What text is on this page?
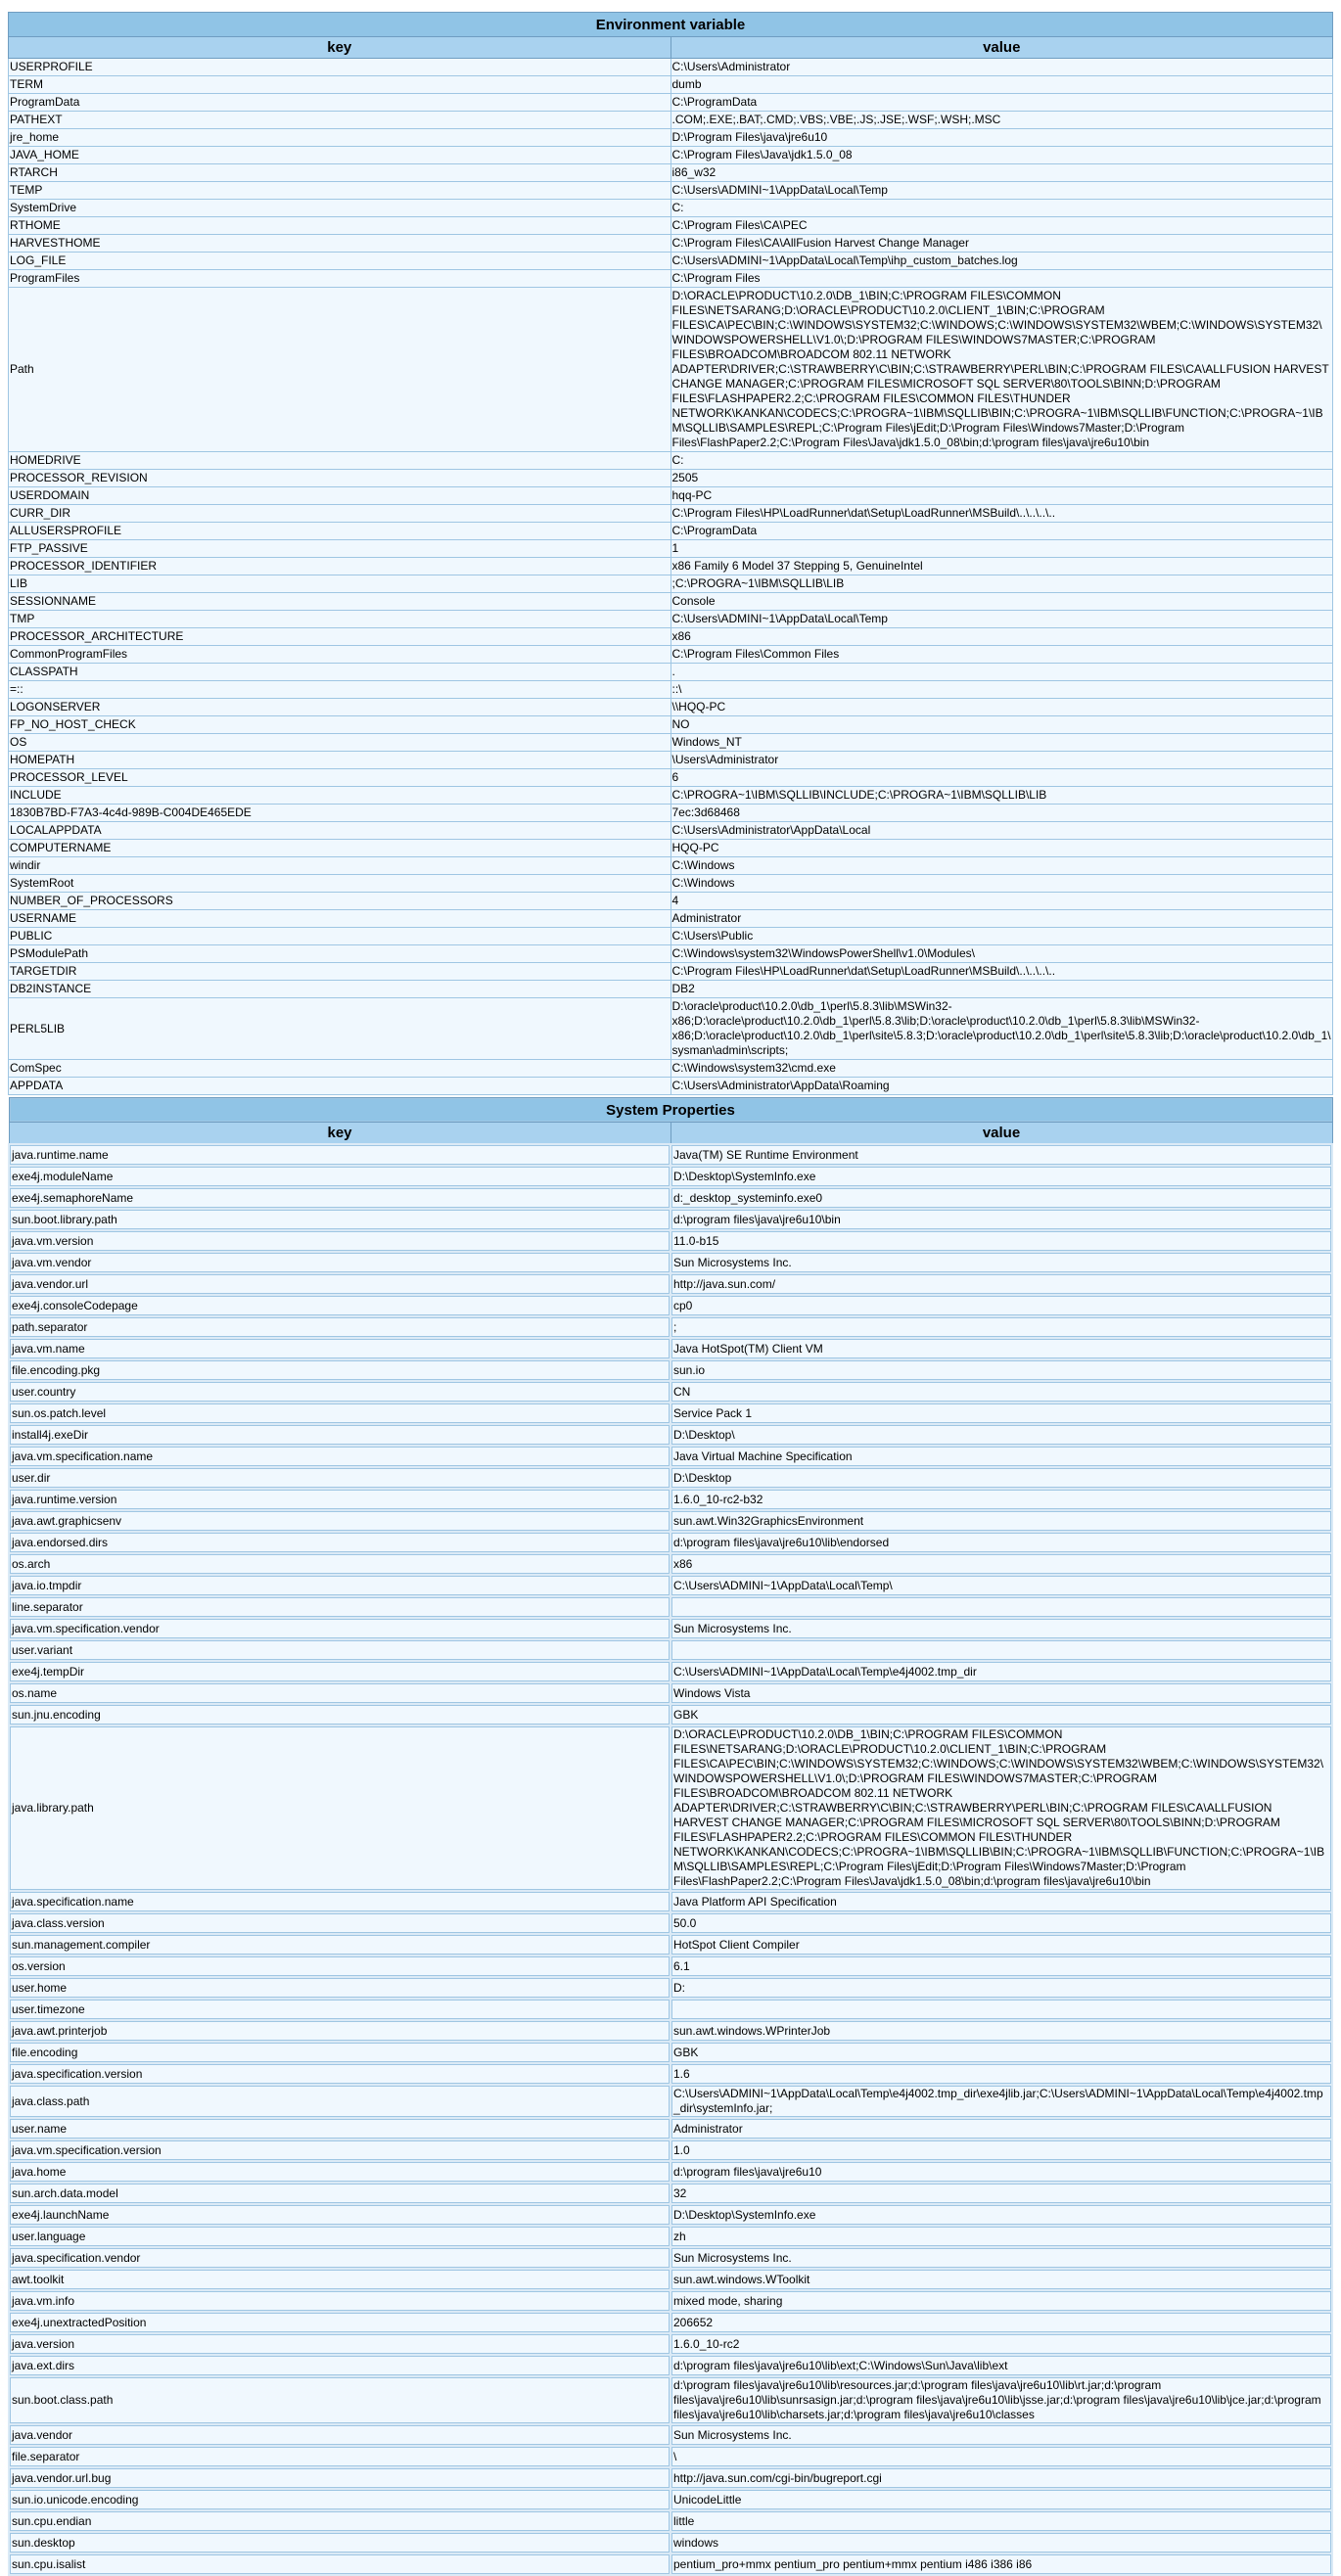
Environment variable	
key	value
USERPROFILE	C:\Users\Administrator
TERM	dumb
ProgramData	C:\ProgramData
PATHEXT	.COM;.EXE;.BAT;.CMD;.VBS;.VBE;.JS;.JSE;.WSF;.WSH;.MSC
jre_home	D:\Program Files\java\jre6u10
JAVA_HOME	C:\Program Files\Java\jdk1.5.0_08
RTARCH	i86_w32
TEMP	C:\Users\ADMINI~1\AppData\Local\Temp
SystemDrive	C:
RTHOME	C:\Program Files\CA\PEC
HARVESTHOME	C:\Program Files\CA\AllFusion Harvest Change Manager
LOG_FILE	C:\Users\ADMINI~1\AppData\Local\Temp\ihp_custom_batches.log
ProgramFiles	C:\Program Files
Path	D:\ORACLE\PRODUCT\10.2.0\DB_1\BIN;C:\PROGRAM FILES\COMMON FILES\NETSARANG;D:\ORACLE\PRODUCT\10.2.0\CLIENT_1\BIN;C:\PROGRAM FILES\CA\PEC\BIN;C:\WINDOWS\SYSTEM32;C:\WINDOWS;C:\WINDOWS\SYSTEM32\WBEM;C:\WINDOWS\SYSTEM32\WINDOWSPOWERSHELL\V1.0\;D:\PROGRAM FILES\WINDOWS7MASTER;C:\PROGRAM FILES\BROADCOM\BROADCOM 802.11 NETWORK ADAPTER\DRIVER;C:\STRAWBERRY\C\BIN;C:\STRAWBERRY\PERL\BIN;C:\PROGRAM FILES\CA\ALLFUSION HARVEST CHANGE MANAGER;C:\PROGRAM FILES\MICROSOFT SQL SERVER\80\TOOLS\BINN;D:\PROGRAM FILES\FLASHPAPER2.2;C:\PROGRAM FILES\COMMON FILES\THUNDER NETWORK\KANKAN\CODECS;C:\PROGRA~1\IBM\SQLLIB\BIN;C:\PROGRA~1\IBM\SQLLIB\FUNCTION;C:\PROGRA~1\IBM\SQLLIB\SAMPLES\REPL;C:\Program Files\jEdit;D:\Program Files\Windows7Master;D:\Program Files\FlashPaper2.2;C:\Program Files\Java\jdk1.5.0_08\bin;d:\program files\java\jre6u10\bin
HOMEDRIVE	C:
PROCESSOR_REVISION	2505
USERDOMAIN	hqq-PC
CURR_DIR	C:\Program Files\HP\LoadRunner\dat\Setup\LoadRunner\MSBuild\..\..\..\..
ALLUSERSPROFILE	C:\ProgramData
FTP_PASSIVE	1
PROCESSOR_IDENTIFIER	x86 Family 6 Model 37 Stepping 5, GenuineIntel
LIB	;C:\PROGRA~1\IBM\SQLLIB\LIB
SESSIONNAME	Console
TMP	C:\Users\ADMINI~1\AppData\Local\Temp
PROCESSOR_ARCHITECTURE	x86
CommonProgramFiles	C:\Program Files\Common Files
CLASSPATH	.
=::	::\
LOGONSERVER	\\HQQ-PC
FP_NO_HOST_CHECK	NO
OS	Windows_NT
HOMEPATH	\Users\Administrator
PROCESSOR_LEVEL	6
INCLUDE	C:\PROGRA~1\IBM\SQLLIB\INCLUDE;C:\PROGRA~1\IBM\SQLLIB\LIB
1830B7BD-F7A3-4c4d-989B-C004DE465EDE	7ec:3d68468
LOCALAPPDATA	C:\Users\Administrator\AppData\Local
COMPUTERNAME	HQQ-PC
windir	C:\Windows
SystemRoot	C:\Windows
NUMBER_OF_PROCESSORS	4
USERNAME	Administrator
PUBLIC	C:\Users\Public
PSModulePath	C:\Windows\system32\WindowsPowerShell\v1.0\Modules\
TARGETDIR	C:\Program Files\HP\LoadRunner\dat\Setup\LoadRunner\MSBuild\..\..\..\..
DB2INSTANCE	DB2
PERL5LIB	D:\oracle\product\10.2.0\db_1\perl\5.8.3\lib\MSWin32-x86;D:\oracle\product\10.2.0\db_1\perl\5.8.3\lib;D:\oracle\product\10.2.0\db_1\perl\5.8.3\lib\MSWin32-x86;D:\oracle\product\10.2.0\db_1\perl\site\5.8.3;D:\oracle\product\10.2.0\db_1\perl\site\5.8.3\lib;D:\oracle\product\10.2.0\db_1\sysman\admin\scripts;
ComSpec	C:\Windows\system32\cmd.exe
APPDATA	C:\Users\Administrator\AppData\Roaming
System Properties	
key	value
java.runtime.name	Java(TM) SE Runtime Environment
exe4j.moduleName	D:\Desktop\SystemInfo.exe
exe4j.semaphoreName	d:_desktop_systeminfo.exe0
sun.boot.library.path	d:\program files\java\jre6u10\bin
java.vm.version	11.0-b15
java.vm.vendor	Sun Microsystems Inc.
java.vendor.url	http://java.sun.com/
exe4j.consoleCodepage	cp0
path.separator	;
java.vm.name	Java HotSpot(TM) Client VM
file.encoding.pkg	sun.io
user.country	CN
sun.os.patch.level	Service Pack 1
install4j.exeDir	D:\Desktop\
java.vm.specification.name	Java Virtual Machine Specification
user.dir	D:\Desktop
java.runtime.version	1.6.0_10-rc2-b32
java.awt.graphicsenv	sun.awt.Win32GraphicsEnvironment
java.endorsed.dirs	d:\program files\java\jre6u10\lib\endorsed
os.arch	x86
java.io.tmpdir	C:\Users\ADMINI~1\AppData\Local\Temp\
line.separator	
java.vm.specification.vendor	Sun Microsystems Inc.
user.variant	
exe4j.tempDir	C:\Users\ADMINI~1\AppData\Local\Temp\e4j4002.tmp_dir
os.name	Windows Vista
sun.jnu.encoding	GBK
java.library.path	D:\ORACLE\PRODUCT\10.2.0\DB_1\BIN;C:\PROGRAM FILES\COMMON FILES\NETSARANG;D:\ORACLE\PRODUCT\10.2.0\CLIENT_1\BIN;C:\PROGRAM FILES\CA\PEC\BIN;C:\WINDOWS\SYSTEM32;C:\WINDOWS;C:\WINDOWS\SYSTEM32\WBEM;C:\WINDOWS\SYSTEM32\WINDOWSPOWERSHELL\V1.0\;D:\PROGRAM FILES\WINDOWS7MASTER;C:\PROGRAM FILES\BROADCOM\BROADCOM 802.11 NETWORK ADAPTER\DRIVER;C:\STRAWBERRY\C\BIN;C:\STRAWBERRY\PERL\BIN;C:\PROGRAM FILES\CA\ALLFUSION HARVEST CHANGE MANAGER;C:\PROGRAM FILES\MICROSOFT SQL SERVER\80\TOOLS\BINN;D:\PROGRAM FILES\FLASHPAPER2.2;C:\PROGRAM FILES\COMMON FILES\THUNDER NETWORK\KANKAN\CODECS;C:\PROGRA~1\IBM\SQLLIB\BIN;C:\PROGRA~1\IBM\SQLLIB\FUNCTION;C:\PROGRA~1\IBM\SQLLIB\SAMPLES\REPL;C:\Program Files\jEdit;D:\Program Files\Windows7Master;D:\Program Files\FlashPaper2.2;C:\Program Files\Java\jdk1.5.0_08\bin;d:\program files\java\jre6u10\bin
java.specification.name	Java Platform API Specification
java.class.version	50.0
sun.management.compiler	HotSpot Client Compiler
os.version	6.1
user.home	D:
user.timezone	
java.awt.printerjob	sun.awt.windows.WPrinterJob
file.encoding	GBK
java.specification.version	1.6
java.class.path	C:\Users\ADMINI~1\AppData\Local\Temp\e4j4002.tmp_dir\exe4jlib.jar;C:\Users\ADMINI~1\AppData\Local\Temp\e4j4002.tmp_dir\systemInfo.jar;
user.name	Administrator
java.vm.specification.version	1.0
java.home	d:\program files\java\jre6u10
sun.arch.data.model	32
exe4j.launchName	D:\Desktop\SystemInfo.exe
user.language	zh
java.specification.vendor	Sun Microsystems Inc.
awt.toolkit	sun.awt.windows.WToolkit
java.vm.info	mixed mode, sharing
exe4j.unextractedPosition	206652
java.version	1.6.0_10-rc2
java.ext.dirs	d:\program files\java\jre6u10\lib\ext;C:\Windows\Sun\Java\lib\ext
sun.boot.class.path	d:\program files\java\jre6u10\lib\resources.jar;d:\program files\java\jre6u10\lib\rt.jar;d:\program files\java\jre6u10\lib\sunrsasign.jar;d:\program files\java\jre6u10\lib\jsse.jar;d:\program files\java\jre6u10\lib\jce.jar;d:\program files\java\jre6u10\lib\charsets.jar;d:\program files\java\jre6u10\classes
java.vendor	Sun Microsystems Inc.
file.separator	\
java.vendor.url.bug	http://java.sun.com/cgi-bin/bugreport.cgi
sun.io.unicode.encoding	UnicodeLittle
sun.cpu.endian	little
sun.desktop	windows
sun.cpu.isalist	pentium_pro+mmx pentium_pro pentium+mmx pentium i486 i386 i86
